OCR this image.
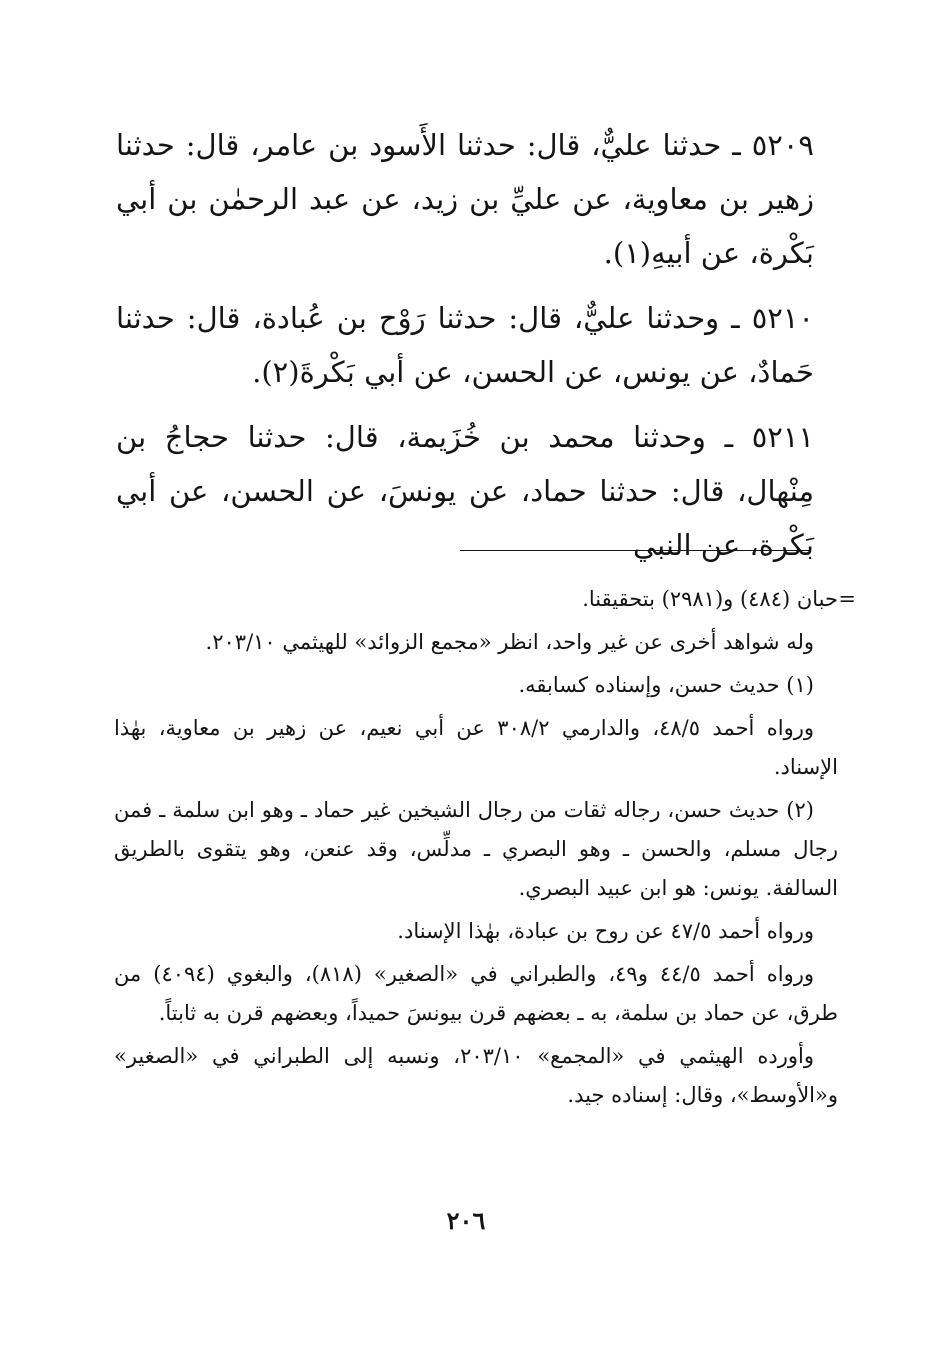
٥٢٠٩ ـ حدثنا عليٌّ، قال: حدثنا الأَسود بن عامر، قال: حدثنا زهير بن معاوية، عن عليِّ بن زيد، عن عبد الرحمٰن بن أبي بَكْرة، عن أبيهِ(١).

٥٢١٠ ـ وحدثنا عليٌّ، قال: حدثنا رَوْح بن عُبادة، قال: حدثنا حَمادٌ، عن يونس، عن الحسن، عن أبي بَكْرةَ(٢).

٥٢١١ ـ وحدثنا محمد بن خُزَيمة، قال: حدثنا حجاجُ بن مِنْهال، قال: حدثنا حماد، عن يونسَ، عن الحسن، عن أبي بَكْرة، عن النبي

=

حبان (٤٨٤) و(٢٩٨١) بتحقيقنا.

وله شواهد أخرى عن غير واحد، انظر «مجمع الزوائد» للهيثمي ٢٠٣/١٠.

(١) حديث حسن، وإسناده كسابقه.

ورواه أحمد ٤٨/٥، والدارمي ٣٠٨/٢ عن أبي نعيم، عن زهير بن معاوية، بهٰذا الإسناد.

(٢) حديث حسن، رجاله ثقات من رجال الشيخين غير حماد ـ وهو ابن سلمة ـ فمن رجال مسلم، والحسن ـ وهو البصري ـ مدلِّس، وقد عنعن، وهو يتقوى بالطريق السالفة. يونس: هو ابن عبيد البصري.

ورواه أحمد ٤٧/٥ عن روح بن عبادة، بهٰذا الإسناد.

ورواه أحمد ٤٤/٥ و٤٩، والطبراني في «الصغير» (٨١٨)، والبغوي (٤٠٩٤) من طرق، عن حماد بن سلمة، به ـ بعضهم قرن بيونسَ حميداً، وبعضهم قرن به ثابتاً.

وأورده الهيثمي في «المجمع» ٢٠٣/١٠، ونسبه إلى الطبراني في «الصغير» و«الأوسط»، وقال: إسناده جيد.

٢٠٦
